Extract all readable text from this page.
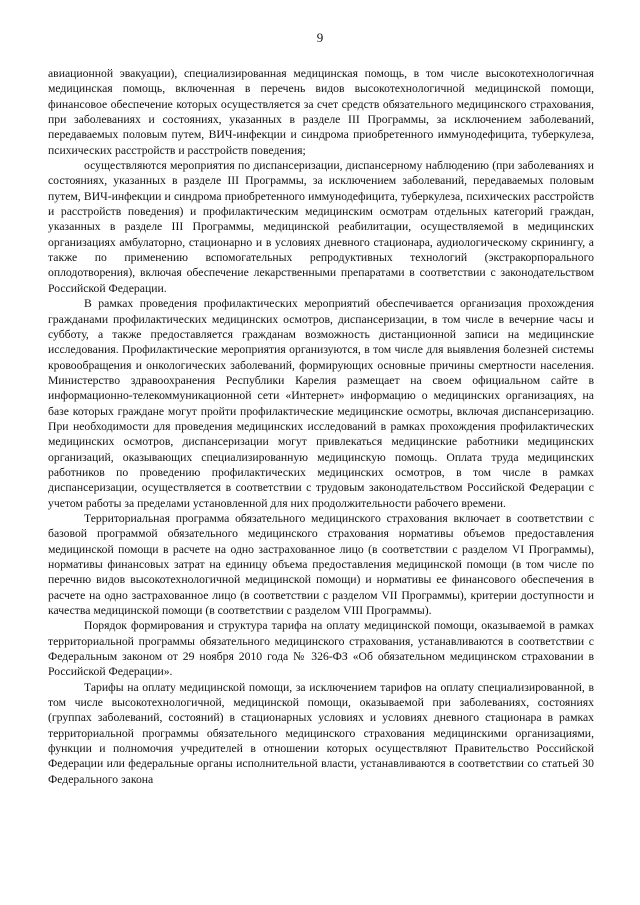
9

авиационной эвакуации), специализированная медицинская помощь, в том числе высокотехнологичная медицинская помощь, включенная в перечень видов высокотехнологичной медицинской помощи, финансовое обеспечение которых осуществляется за счет средств обязательного медицинского страхования, при заболеваниях и состояниях, указанных в разделе III Программы, за исключением заболеваний, передаваемых половым путем, ВИЧ-инфекции и синдрома приобретенного иммунодефицита, туберкулеза, психических расстройств и расстройств поведения;

осуществляются мероприятия по диспансеризации, диспансерному наблюдению (при заболеваниях и состояниях, указанных в разделе III Программы, за исключением заболеваний, передаваемых половым путем, ВИЧ-инфекции и синдрома приобретенного иммунодефицита, туберкулеза, психических расстройств и расстройств поведения) и профилактическим медицинским осмотрам отдельных категорий граждан, указанных в разделе III Программы, медицинской реабилитации, осуществляемой в медицинских организациях амбулаторно, стационарно и в условиях дневного стационара, аудиологическому скринингу, а также по применению вспомогательных репродуктивных технологий (экстракорпорального оплодотворения), включая обеспечение лекарственными препаратами в соответствии с законодательством Российской Федерации.

В рамках проведения профилактических мероприятий обеспечивается организация прохождения гражданами профилактических медицинских осмотров, диспансеризации, в том числе в вечерние часы и субботу, а также предоставляется гражданам возможность дистанционной записи на медицинские исследования. Профилактические мероприятия организуются, в том числе для выявления болезней системы кровообращения и онкологических заболеваний, формирующих основные причины смертности населения. Министерство здравоохранения Республики Карелия размещает на своем официальном сайте в информационно-телекоммуникационной сети «Интернет» информацию о медицинских организациях, на базе которых граждане могут пройти профилактические медицинские осмотры, включая диспансеризацию. При необходимости для проведения медицинских исследований в рамках прохождения профилактических медицинских осмотров, диспансеризации могут привлекаться медицинские работники медицинских организаций, оказывающих специализированную медицинскую помощь. Оплата труда медицинских работников по проведению профилактических медицинских осмотров, в том числе в рамках диспансеризации, осуществляется в соответствии с трудовым законодательством Российской Федерации с учетом работы за пределами установленной для них продолжительности рабочего времени.

Территориальная программа обязательного медицинского страхования включает в соответствии с базовой программой обязательного медицинского страхования нормативы объемов предоставления медицинской помощи в расчете на одно застрахованное лицо (в соответствии с разделом VI Программы), нормативы финансовых затрат на единицу объема предоставления медицинской помощи (в том числе по перечню видов высокотехнологичной медицинской помощи) и нормативы ее финансового обеспечения в расчете на одно застрахованное лицо (в соответствии с разделом VII Программы), критерии доступности и качества медицинской помощи (в соответствии с разделом VIII Программы).

Порядок формирования и структура тарифа на оплату медицинской помощи, оказываемой в рамках территориальной программы обязательного медицинского страхования, устанавливаются в соответствии с Федеральным законом от 29 ноября 2010 года № 326-ФЗ «Об обязательном медицинском страховании в Российской Федерации».

Тарифы на оплату медицинской помощи, за исключением тарифов на оплату специализированной, в том числе высокотехнологичной, медицинской помощи, оказываемой при заболеваниях, состояниях (группах заболеваний, состояний) в стационарных условиях и условиях дневного стационара в рамках территориальной программы обязательного медицинского страхования медицинскими организациями, функции и полномочия учредителей в отношении которых осуществляют Правительство Российской Федерации или федеральные органы исполнительной власти, устанавливаются в соответствии со статьей 30 Федерального закона
